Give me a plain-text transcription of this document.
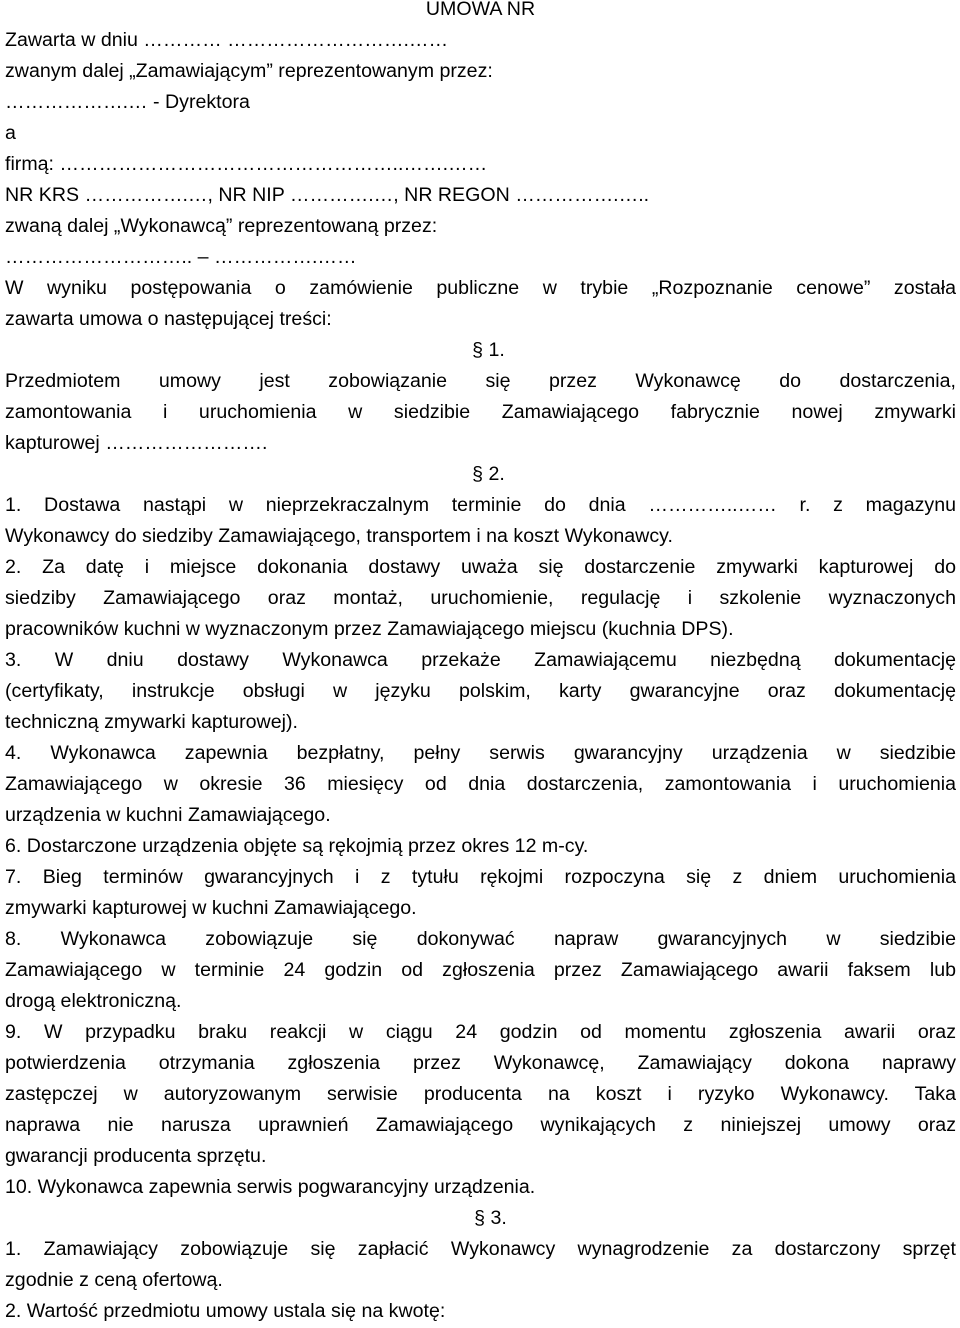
UMOWA NR
Zawarta w dniu ………… ……………………….……
zwanym dalej „Zamawiającym” reprezentowanym przez:
……………….… - Dyrektora
a
firmą: ……………………………………………..…….……
NR KRS …………….…, NR NIP ………….…, NR REGON …………….…..
zwaną dalej „Wykonawcą” reprezentowaną przez:
……………………….. – …………….……
W wyniku postępowania o zamówienie publiczne w trybie „Rozpoznanie cenowe” została
zawarta umowa o następującej treści:
§ 1.
Przedmiotem umowy jest zobowiązanie się przez Wykonawcę do dostarczenia,
zamontowania i uruchomienia w siedzibie Zamawiającego fabrycznie nowej zmywarki
kapturowej …………………….
§ 2.
1. Dostawa nastąpi w nieprzekraczalnym terminie do dnia …………..…… r. z magazynu
Wykonawcy do siedziby Zamawiającego, transportem i na koszt Wykonawcy.
2. Za datę i miejsce dokonania dostawy uważa się dostarczenie zmywarki kapturowej do
siedziby Zamawiającego oraz montaż, uruchomienie, regulację i szkolenie wyznaczonych
pracowników kuchni w wyznaczonym przez Zamawiającego miejscu (kuchnia DPS).
3. W dniu dostawy Wykonawca przekaże Zamawiającemu niezbędną dokumentację
(certyfikaty, instrukcje obsługi w języku polskim, karty gwarancyjne oraz dokumentację
techniczną zmywarki kapturowej).
4. Wykonawca zapewnia bezpłatny, pełny serwis gwarancyjny urządzenia w siedzibie
Zamawiającego w okresie 36 miesięcy od dnia dostarczenia, zamontowania i uruchomienia
urządzenia w kuchni Zamawiającego.
6. Dostarczone urządzenia objęte są rękojmią przez okres 12 m-cy.
7. Bieg terminów gwarancyjnych i z tytułu rękojmi rozpoczyna się z dniem uruchomienia
zmywarki kapturowej w kuchni Zamawiającego.
8. Wykonawca zobowiązuje się dokonywać napraw gwarancyjnych w siedzibie
Zamawiającego w terminie 24 godzin od zgłoszenia przez Zamawiającego awarii faksem lub
drogą elektroniczną.
9. W przypadku braku reakcji w ciągu 24 godzin od momentu zgłoszenia awarii oraz
potwierdzenia otrzymania zgłoszenia przez Wykonawcę, Zamawiający dokona naprawy
zastępczej w autoryzowanym serwisie producenta na koszt i ryzyko Wykonawcy. Taka
naprawa nie narusza uprawnień Zamawiającego wynikających z niniejszej umowy oraz
gwarancji producenta sprzętu.
10. Wykonawca zapewnia serwis pogwarancyjny urządzenia.
§ 3.
1. Zamawiający zobowiązuje się zapłacić Wykonawcy wynagrodzenie za dostarczony sprzęt
zgodnie z ceną ofertową.
2. Wartość przedmiotu umowy ustala się na kwotę:
